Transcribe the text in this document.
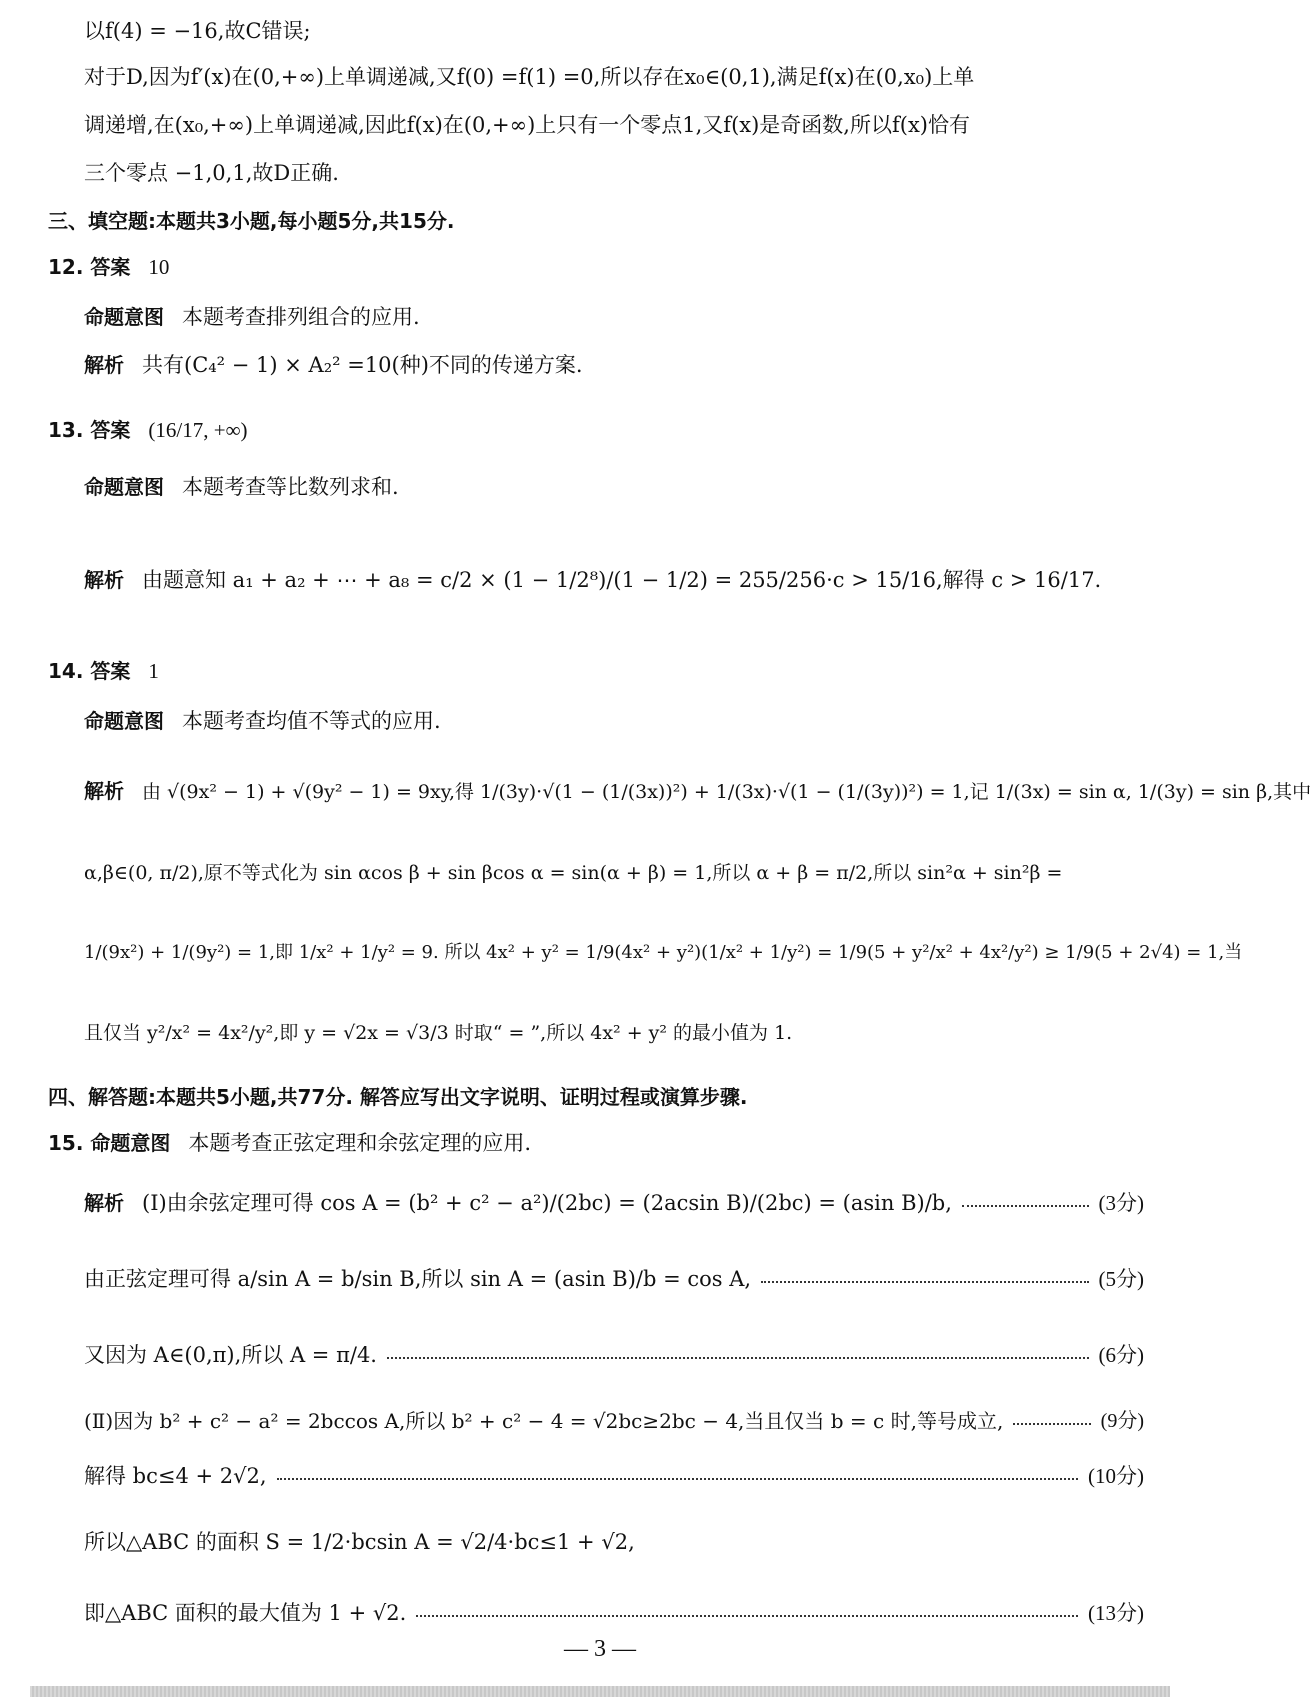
以f(4) = −16,故C错误;
对于D,因为f′(x)在(0,+∞)上单调递减,又f(0) =f(1) =0,所以存在x₀∈(0,1),满足f(x)在(0,x₀)上单
调递增,在(x₀,+∞)上单调递减,因此f(x)在(0,+∞)上只有一个零点1,又f(x)是奇函数,所以f(x)恰有
三个零点 −1,0,1,故D正确.
三、填空题:本题共3小题,每小题5分,共15分.
12. 答案 10
命题意图 本题考查排列组合的应用.
解析 共有(C₄² − 1) × A₂² =10(种)不同的传递方案.
13. 答案 (16/17, +∞)
命题意图 本题考查等比数列求和.
解析 由题意知 a₁ + a₂ + ⋯ + a₈ = c/2 × (1 − 1/2⁸)/(1 − 1/2) = 255/256·c > 15/16,解得 c > 16/17.
14. 答案 1
命题意图 本题考查均值不等式的应用.
解析 由 √(9x² − 1) + √(9y² − 1) = 9xy,得 1/(3y)·√(1 − (1/(3x))²) + 1/(3x)·√(1 − (1/(3y))²) = 1,记 1/(3x) = sin α, 1/(3y) = sin β,其中
α,β∈(0, π/2),原不等式化为 sin αcos β + sin βcos α = sin(α + β) = 1,所以 α + β = π/2,所以 sin²α + sin²β =
1/(9x²) + 1/(9y²) = 1,即 1/x² + 1/y² = 9. 所以 4x² + y² = 1/9(4x² + y²)(1/x² + 1/y²) = 1/9(5 + y²/x² + 4x²/y²) ≥ 1/9(5 + 2√4) = 1,当
且仅当 y²/x² = 4x²/y²,即 y = √2x = √3/3 时取“ = ”,所以 4x² + y² 的最小值为 1.
四、解答题:本题共5小题,共77分. 解答应写出文字说明、证明过程或演算步骤.
15. 命题意图 本题考查正弦定理和余弦定理的应用.
解析 (Ⅰ)由余弦定理可得 cos A = (b² + c² − a²)/(2bc) = (2acsin B)/(2bc) = (asin B)/b,	(3分)
由正弦定理可得 a/sin A = b/sin B,所以 sin A = (asin B)/b = cos A,	(5分)
又因为 A∈(0,π),所以 A = π/4.	(6分)
(Ⅱ)因为 b² + c² − a² = 2bccos A,所以 b² + c² − 4 = √2bc≥2bc − 4,当且仅当 b = c 时,等号成立,	(9分)
解得 bc≤4 + 2√2,	(10分)
所以△ABC 的面积 S = 1/2·bcsin A = √2/4·bc≤1 + √2,
即△ABC 面积的最大值为 1 + √2.	(13分)
— 3 —
